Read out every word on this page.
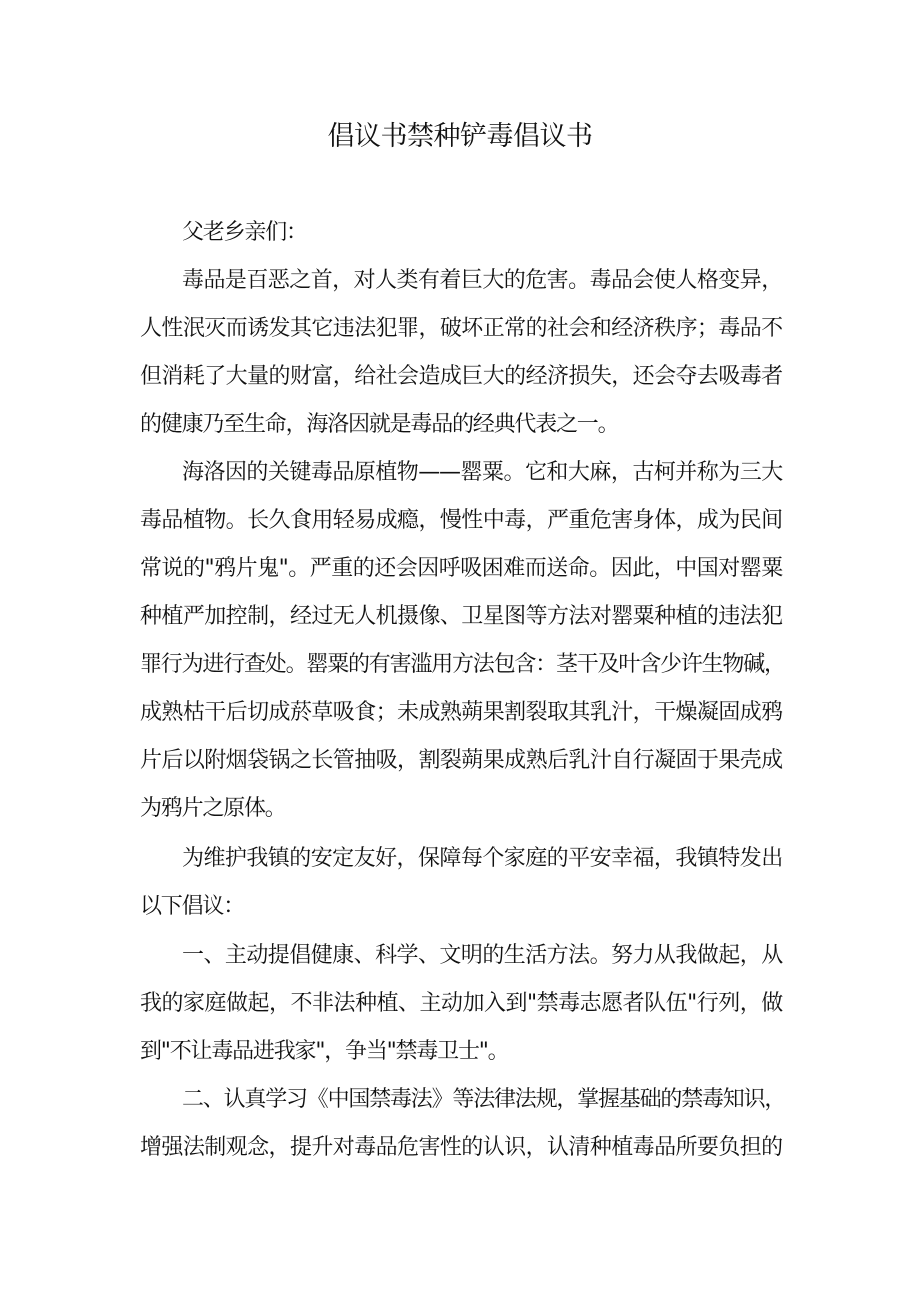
倡议书禁种铲毒倡议书
父老乡亲们：
毒品是百恶之首，对人类有着巨大的危害。毒品会使人格变异，
人性泯灭而诱发其它违法犯罪，破坏正常的社会和经济秩序；毒品不
但消耗了大量的财富，给社会造成巨大的经济损失，还会夺去吸毒者
的健康乃至生命，海洛因就是毒品的经典代表之一。
海洛因的关键毒品原植物——罂粟。它和大麻，古柯并称为三大
毒品植物。长久食用轻易成瘾，慢性中毒，严重危害身体，成为民间
常说的"鸦片鬼"。严重的还会因呼吸困难而送命。因此，中国对罂粟
种植严加控制，经过无人机摄像、卫星图等方法对罂粟种植的违法犯
罪行为进行查处。罂粟的有害滥用方法包含：茎干及叶含少许生物碱，
成熟枯干后切成菸草吸食；未成熟蒴果割裂取其乳汁，干燥凝固成鸦
片后以附烟袋锅之长管抽吸，割裂蒴果成熟后乳汁自行凝固于果壳成
为鸦片之原体。
为维护我镇的安定友好，保障每个家庭的平安幸福，我镇特发出
以下倡议：
一、主动提倡健康、科学、文明的生活方法。努力从我做起，从
我的家庭做起，不非法种植、主动加入到"禁毒志愿者队伍"行列，做
到"不让毒品进我家"，争当"禁毒卫士"。
二、认真学习《中国禁毒法》等法律法规，掌握基础的禁毒知识，
增强法制观念，提升对毒品危害性的认识，认清种植毒品所要负担的
